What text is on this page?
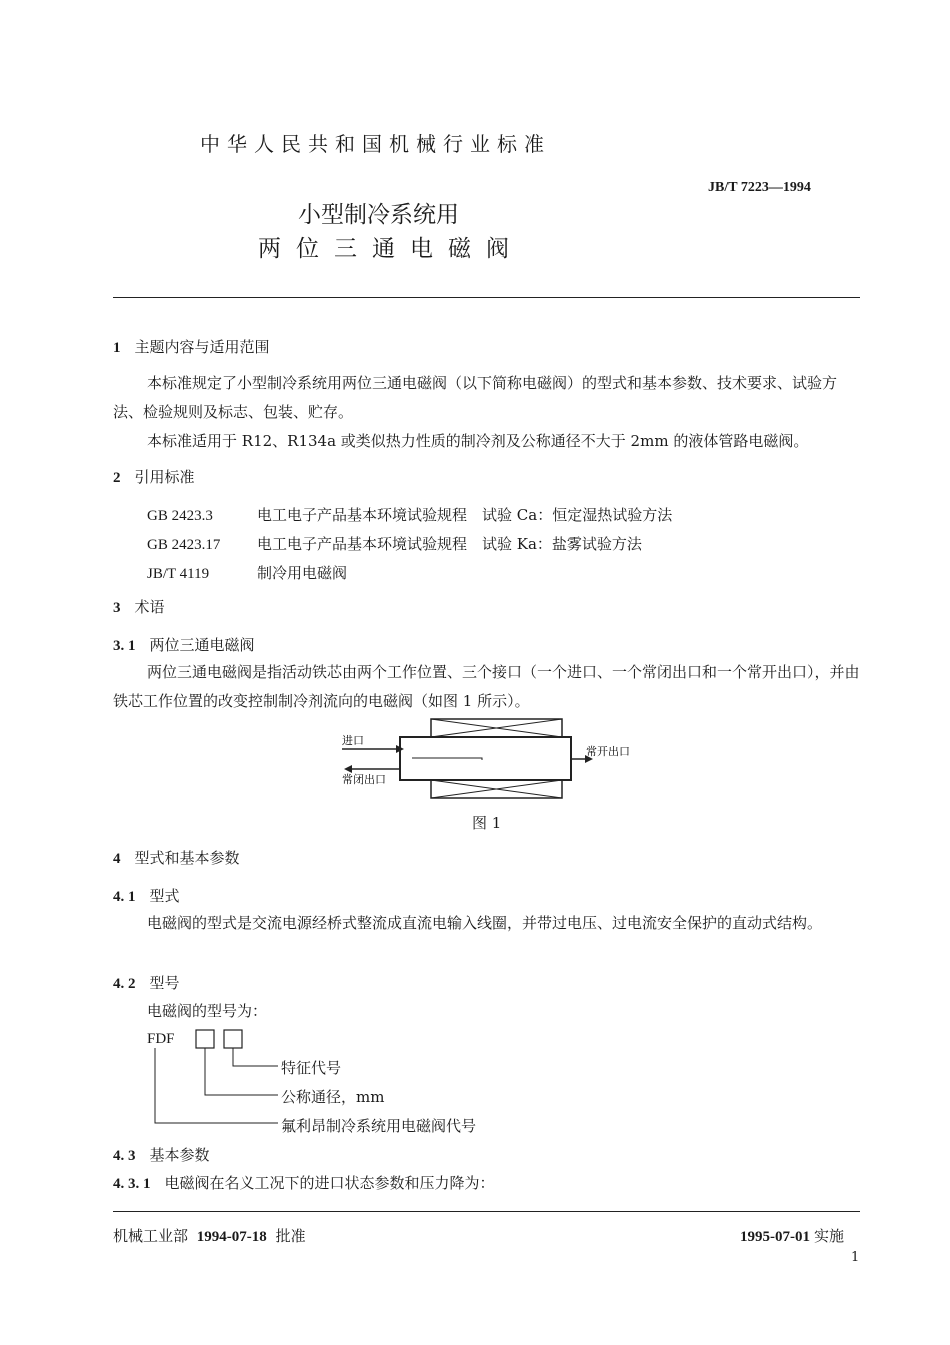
中华人民共和国机械行业标准
JB/T 7223—1994
小型制冷系统用
两位三通电磁阀
1 主题内容与适用范围
本标准规定了小型制冷系统用两位三通电磁阀（以下简称电磁阀）的型式和基本参数、技术要求、试验方法、检验规则及标志、包装、贮存。
本标准适用于 R12、R134a 或类似热力性质的制冷剂及公称通径不大于 2mm 的液体管路电磁阀。
2 引用标准
GB 2423.3	电工电子产品基本环境试验规程　试验 Ca：恒定湿热试验方法
GB 2423.17 电工电子产品基本环境试验规程　试验 Ka：盐雾试验方法
JB/T 4119	制冷用电磁阀
3 术语
3. 1 两位三通电磁阀
两位三通电磁阀是指活动铁芯由两个工作位置、三个接口（一个进口、一个常闭出口和一个常开出口），并由铁芯工作位置的改变控制制冷剂流向的电磁阀（如图 1 所示）。
进口
常闭出口
常开出口
图 1
4 型式和基本参数
4. 1 型式
电磁阀的型式是交流电源经桥式整流成直流电输入线圈，并带过电压、过电流安全保护的直动式结构。
4. 2 型号
电磁阀的型号为：
FDF
特征代号
公称通径，mm
氟利昂制冷系统用电磁阀代号
4. 3 基本参数
4. 3. 1 电磁阀在名义工况下的进口状态参数和压力降为：
机械工业部 1994-07-18 批准	1995-07-01 实施
1
